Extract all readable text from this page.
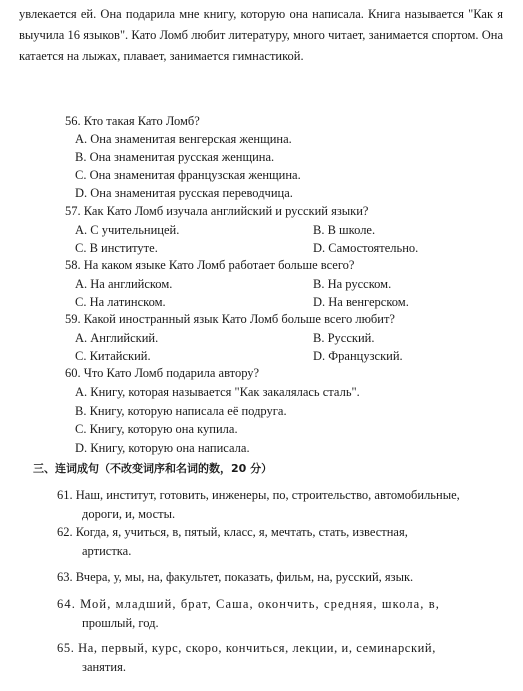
увлекается ей. Она подарила мне книгу, которую она написала. Книга называется "Как я выучила 16 языков". Като Ломб любит литературу, много читает, занимается спортом. Она катается на лыжах, плавает, занимается гимнастикой.
56. Кто такая Като Ломб?
A. Она знаменитая венгерская женщина.
B. Она знаменитая русская женщина.
C. Она знаменитая французская женщина.
D. Она знаменитая русская переводчица.
57. Как Като Ломб изучала английский и русский языки?
A. С учительницей.	B. В школе.
C. В институте.	D. Самостоятельно.
58. На каком языке Като Ломб работает больше всего?
A. На английском.	B. На русском.
C. На латинском.	D. На венгерском.
59. Какой иностранный язык Като Ломб больше всего любит?
A. Английский.	B. Русский.
C. Китайский.	D. Французский.
60. Что Като Ломб подарила автору?
A. Книгу, которая называется "Как закалялась сталь".
B. Книгу, которую написала её подруга.
C. Книгу, которую она купила.
D. Книгу, которую она написала.
三、连词成句（不改变词序和名词的数，20 分）
61. Наш, институт, готовить, инженеры, по, строительство, автомобильные,
дороги, и, мосты.
62. Когда, я, учиться, в, пятый, класс, я, мечтать, стать, известная,
артистка.
63. Вчера, у, мы, на, факультет, показать, фильм, на, русский, язык.
64. Мой, младший, брат, Саша, окончить, средняя, школа, в,
прошлый, год.
65. На, первый, курс, скоро, кончиться, лекции, и, семинарский,
занятия.
